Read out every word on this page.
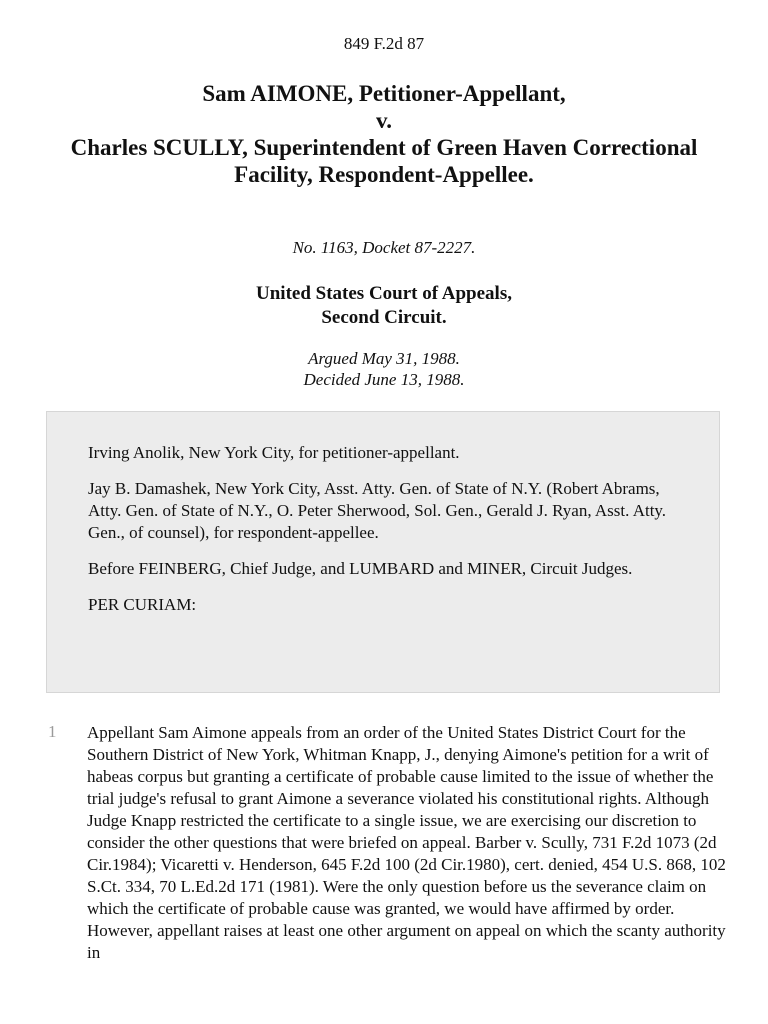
849 F.2d 87
Sam AIMONE, Petitioner-Appellant,
v.
Charles SCULLY, Superintendent of Green Haven Correctional
Facility, Respondent-Appellee.
No. 1163, Docket 87-2227.
United States Court of Appeals,
Second Circuit.
Argued May 31, 1988.
Decided June 13, 1988.

Irving Anolik, New York City, for petitioner-appellant.

Jay B. Damashek, New York City, Asst. Atty. Gen. of State of N.Y. (Robert Abrams, Atty. Gen. of State of N.Y., O. Peter Sherwood, Sol. Gen., Gerald J. Ryan, Asst. Atty. Gen., of counsel), for respondent-appellee.

Before FEINBERG, Chief Judge, and LUMBARD and MINER, Circuit Judges.

PER CURIAM:

1 Appellant Sam Aimone appeals from an order of the United States District Court for the Southern District of New York, Whitman Knapp, J., denying Aimone's petition for a writ of habeas corpus but granting a certificate of probable cause limited to the issue of whether the trial judge's refusal to grant Aimone a severance violated his constitutional rights. Although Judge Knapp restricted the certificate to a single issue, we are exercising our discretion to consider the other questions that were briefed on appeal. Barber v. Scully, 731 F.2d 1073 (2d Cir.1984); Vicaretti v. Henderson, 645 F.2d 100 (2d Cir.1980), cert. denied, 454 U.S. 868, 102 S.Ct. 334, 70 L.Ed.2d 171 (1981). Were the only question before us the severance claim on which the certificate of probable cause was granted, we would have affirmed by order. However, appellant raises at least one other argument on appeal on which the scanty authority in
